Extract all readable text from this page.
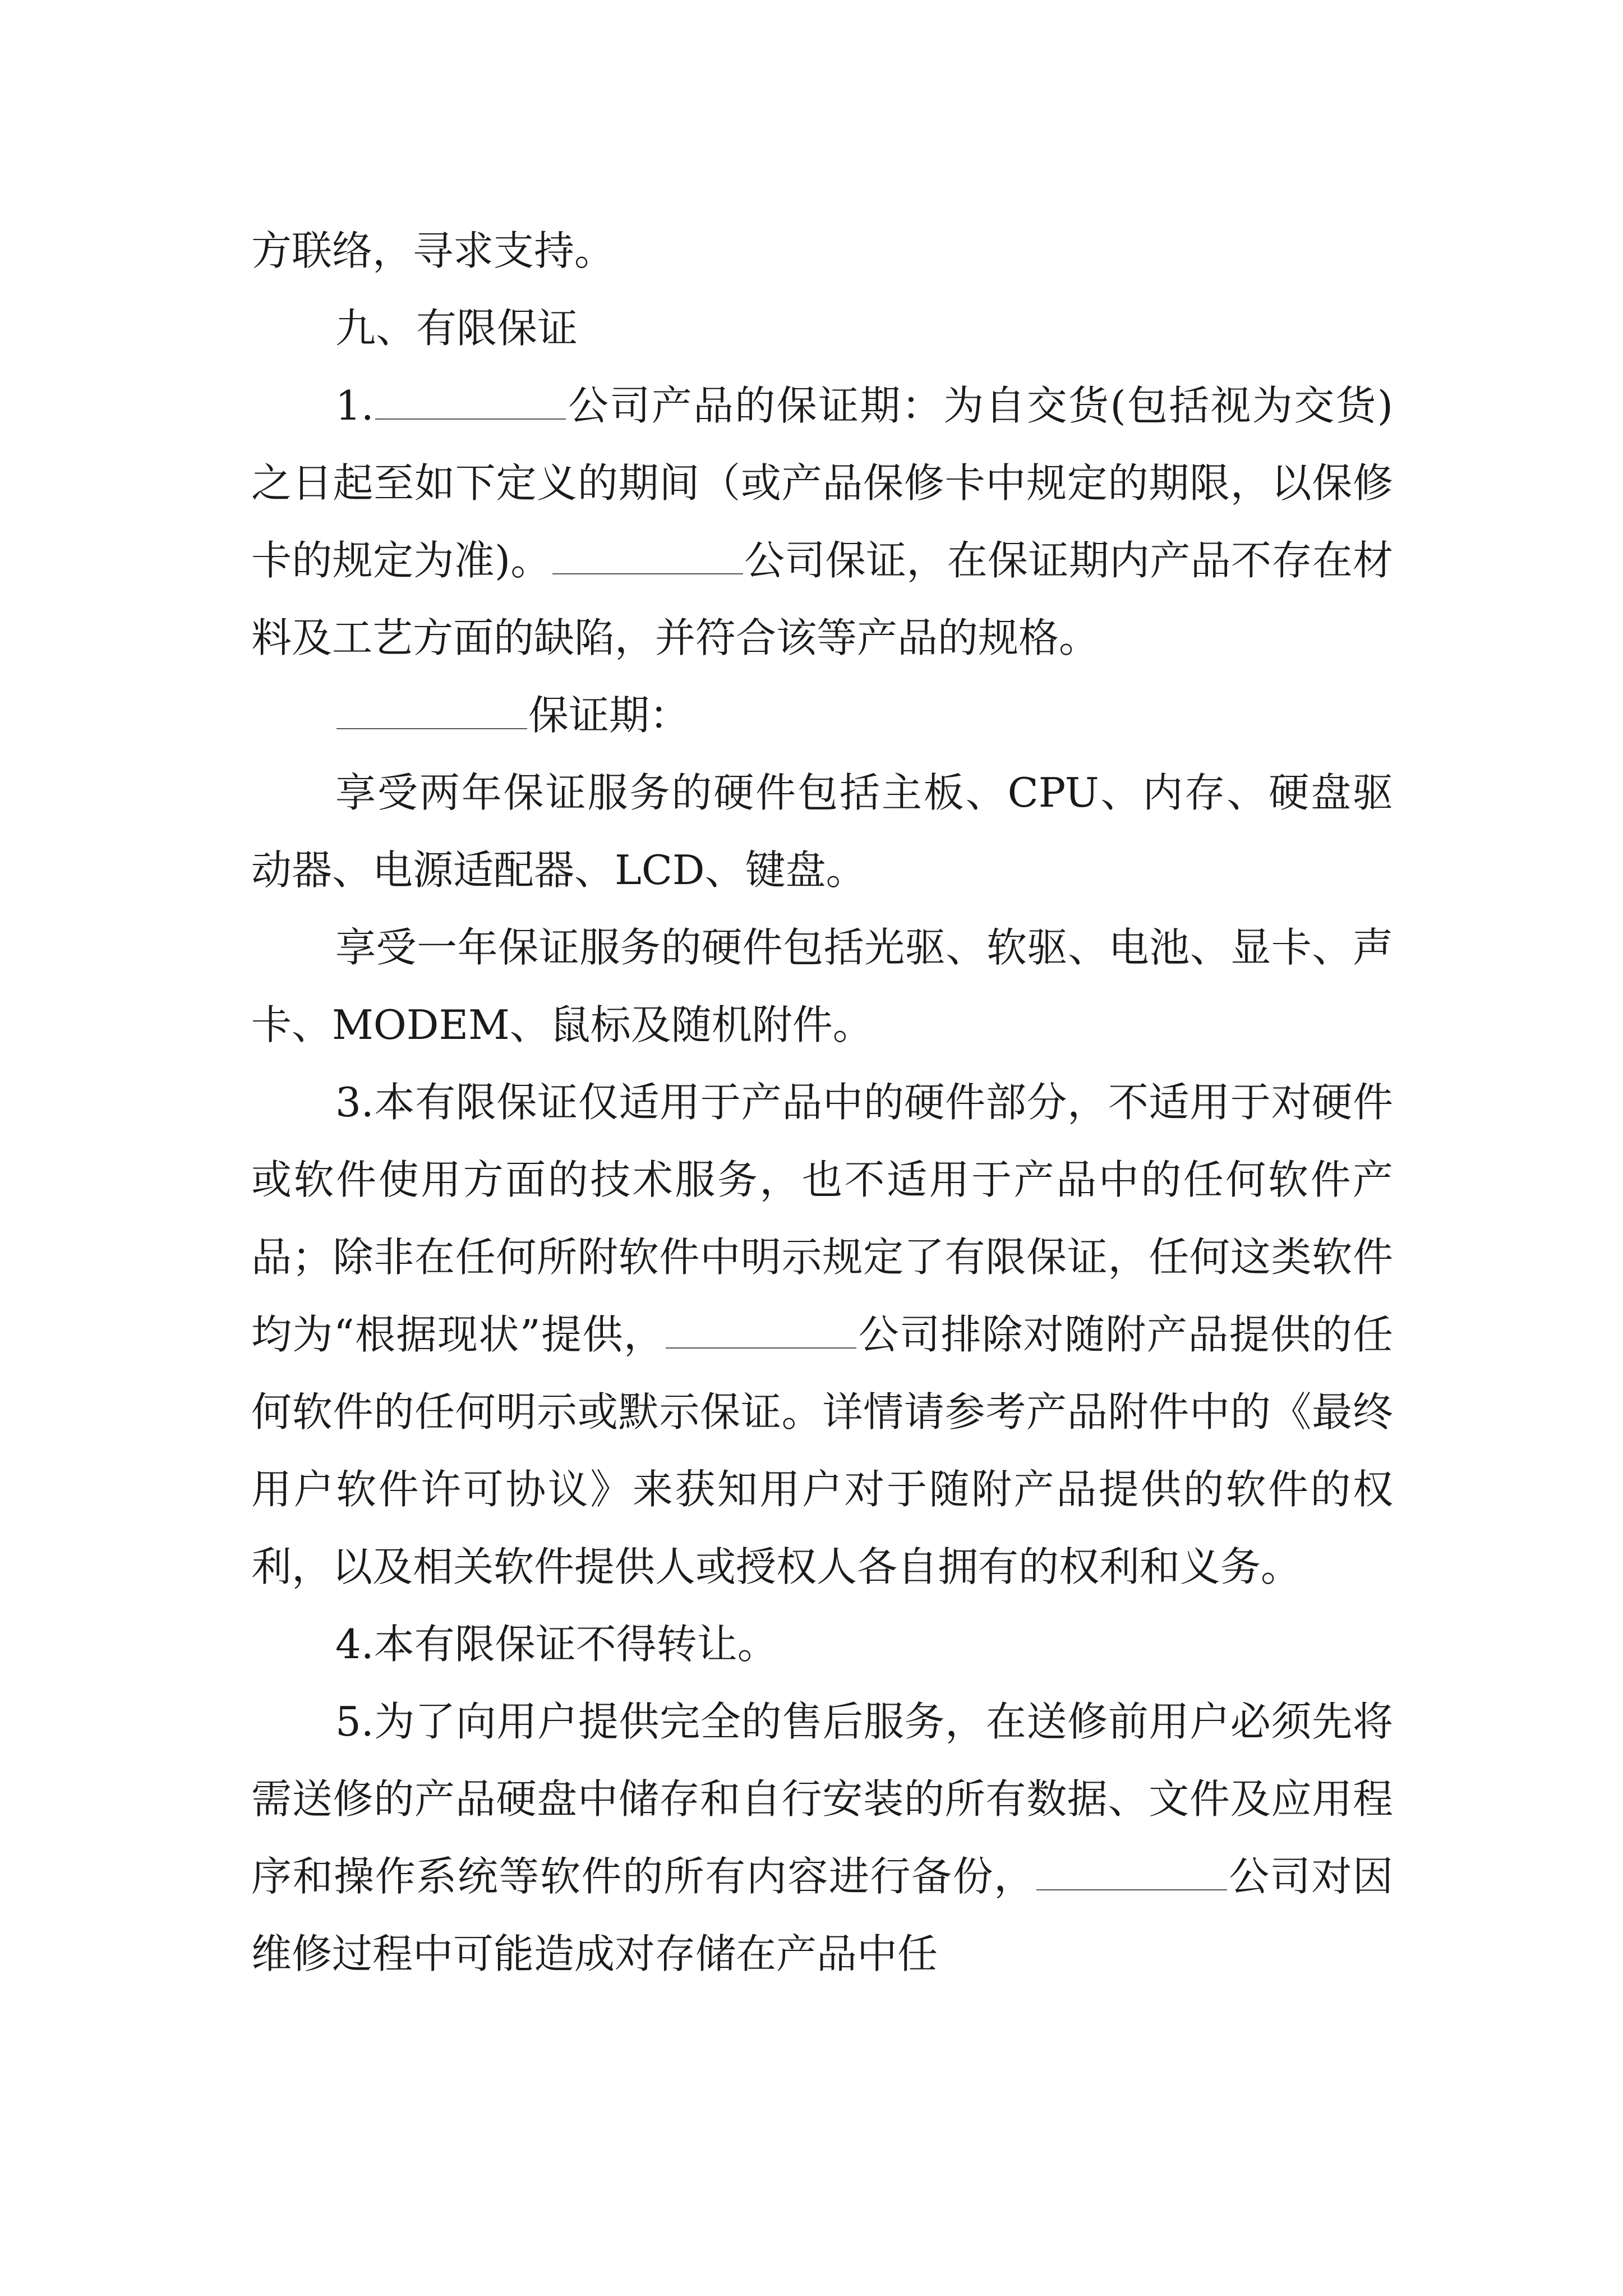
方联络，寻求支持。

九、有限保证

1.	公司产品的保证期：为自交货(包括视为交货)之日起至如下定义的期间（或产品保修卡中规定的期限，以保修卡的规定为准)。	公司保证，在保证期内产品不存在材料及工艺方面的缺陷，并符合该等产品的规格。

保证期：

享受两年保证服务的硬件包括主板、CPU、内存、硬盘驱动器、电源适配器、LCD、键盘。

享受一年保证服务的硬件包括光驱、软驱、电池、显卡、声卡、MODEM、鼠标及随机附件。

3.本有限保证仅适用于产品中的硬件部分，不适用于对硬件或软件使用方面的技术服务，也不适用于产品中的任何软件产品；除非在任何所附软件中明示规定了有限保证，任何这类软件均为“根据现状”提供，	公司排除对随附产品提供的任何软件的任何明示或默示保证。详情请参考产品附件中的《最终用户软件许可协议》来获知用户对于随附产品提供的软件的权利，以及相关软件提供人或授权人各自拥有的权利和义务。

4.本有限保证不得转让。

5.为了向用户提供完全的售后服务，在送修前用户必须先将需送修的产品硬盘中储存和自行安装的所有数据、文件及应用程序和操作系统等软件的所有内容进行备份，	公司对因维修过程中可能造成对存储在产品中任
